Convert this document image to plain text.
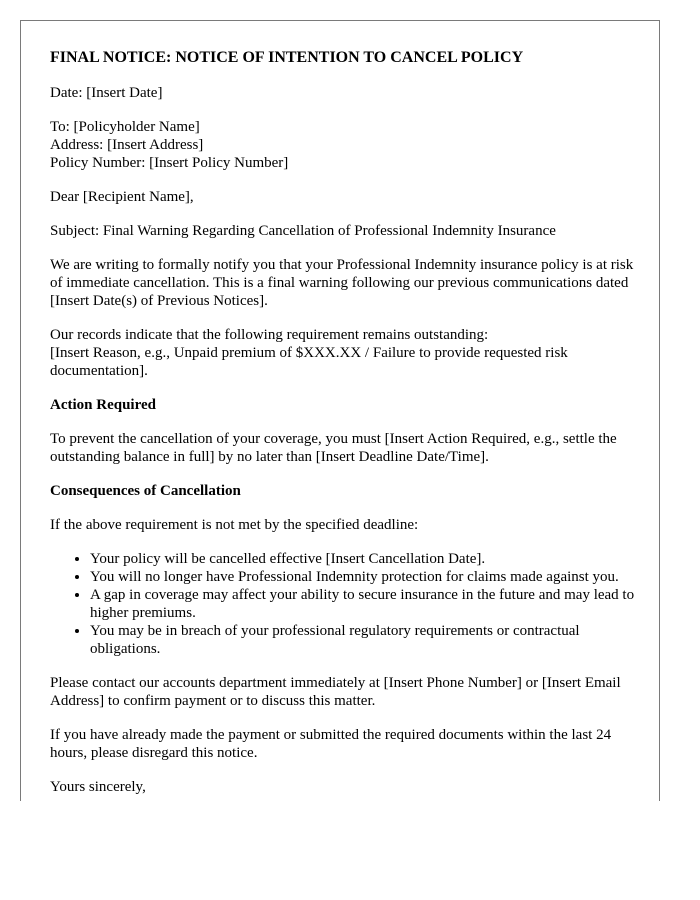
FINAL NOTICE: NOTICE OF INTENTION TO CANCEL POLICY

Date: [Insert Date]

To: [Policyholder Name]
Address: [Insert Address]
Policy Number: [Insert Policy Number]

Dear [Recipient Name],

Subject: Final Warning Regarding Cancellation of Professional Indemnity Insurance

We are writing to formally notify you that your Professional Indemnity insurance policy is at risk of immediate cancellation. This is a final warning following our previous communications dated [Insert Date(s) of Previous Notices].

Our records indicate that the following requirement remains outstanding:
[Insert Reason, e.g., Unpaid premium of $XXX.XX / Failure to provide requested risk documentation].

Action Required

To prevent the cancellation of your coverage, you must [Insert Action Required, e.g., settle the outstanding balance in full] by no later than [Insert Deadline Date/Time].

Consequences of Cancellation

If the above requirement is not met by the specified deadline:

• Your policy will be cancelled effective [Insert Cancellation Date].
• You will no longer have Professional Indemnity protection for claims made against you.
• A gap in coverage may affect your ability to secure insurance in the future and may lead to higher premiums.
• You may be in breach of your professional regulatory requirements or contractual obligations.

Please contact our accounts department immediately at [Insert Phone Number] or [Insert Email Address] to confirm payment or to discuss this matter.

If you have already made the payment or submitted the required documents within the last 24 hours, please disregard this notice.

Yours sincerely,
